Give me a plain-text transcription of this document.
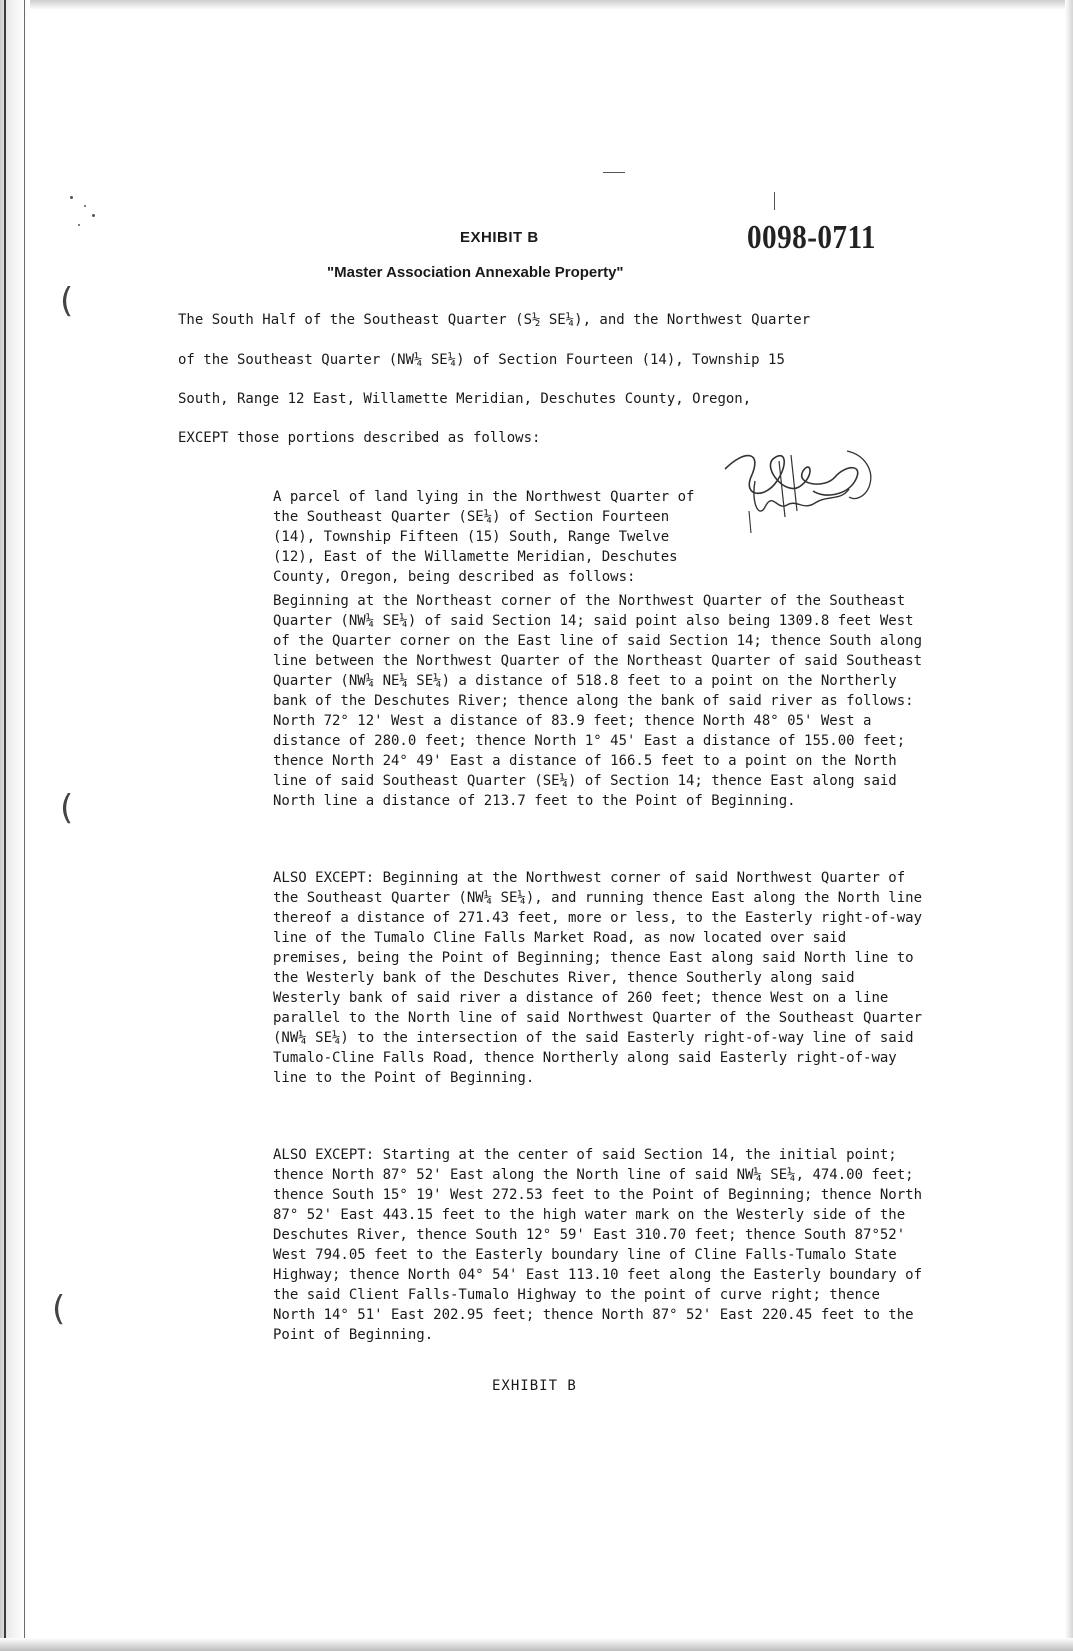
(
(
(
EXHIBIT B	0098-0711
"Master Association Annexable Property"

The South Half of the Southeast Quarter (S½ SE¼), and the Northwest Quarter

of the Southeast Quarter (NW¼ SE¼) of Section Fourteen (14), Township 15

South, Range 12 East, Willamette Meridian, Deschutes County, Oregon,

EXCEPT those portions described as follows:

A parcel of land lying in the Northwest Quarter of the Southeast Quarter (SE¼) of Section Fourteen (14), Township Fifteen (15) South, Range Twelve (12), East of the Willamette Meridian, Deschutes County, Oregon, being described as follows:

Beginning at the Northeast corner of the Northwest Quarter of the Southeast Quarter (NW¼ SE¼) of said Section 14; said point also being 1309.8 feet West of the Quarter corner on the East line of said Section 14; thence South along line between the Northwest Quarter of the Northeast Quarter of said Southeast Quarter (NW¼ NE¼ SE¼) a distance of 518.8 feet to a point on the Northerly bank of the Deschutes River; thence along the bank of said river as follows: North 72° 12' West a distance of 83.9 feet; thence North 48° 05' West a distance of 280.0 feet; thence North 1° 45' East a distance of 155.00 feet; thence North 24° 49' East a distance of 166.5 feet to a point on the North line of said Southeast Quarter (SE¼) of Section 14; thence East along said North line a distance of 213.7 feet to the Point of Beginning.

ALSO EXCEPT: Beginning at the Northwest corner of said Northwest Quarter of the Southeast Quarter (NW¼ SE¼), and running thence East along the North line thereof a distance of 271.43 feet, more or less, to the Easterly right-of-way line of the Tumalo Cline Falls Market Road, as now located over said premises, being the Point of Beginning; thence East along said North line to the Westerly bank of the Deschutes River, thence Southerly along said Westerly bank of said river a distance of 260 feet; thence West on a line parallel to the North line of said Northwest Quarter of the Southeast Quarter (NW¼ SE¼) to the intersection of the said Easterly right-of-way line of said Tumalo-Cline Falls Road, thence Northerly along said Easterly right-of-way line to the Point of Beginning.

ALSO EXCEPT: Starting at the center of said Section 14, the initial point; thence North 87° 52' East along the North line of said NW¼ SE¼, 474.00 feet; thence South 15° 19' West 272.53 feet to the Point of Beginning; thence North 87° 52' East 443.15 feet to the high water mark on the Westerly side of the Deschutes River, thence South 12° 59' East 310.70 feet; thence South 87°52' West 794.05 feet to the Easterly boundary line of Cline Falls-Tumalo State Highway; thence North 04° 54' East 113.10 feet along the Easterly boundary of the said Client Falls-Tumalo Highway to the point of curve right; thence North 14° 51' East 202.95 feet; thence North 87° 52' East 220.45 feet to the Point of Beginning.

EXHIBIT B
